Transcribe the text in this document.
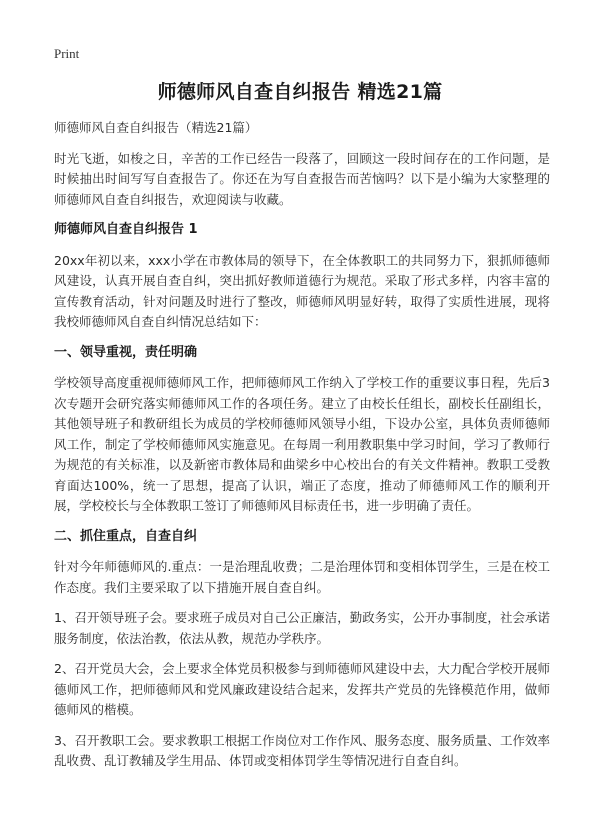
Print
师德师风自查自纠报告 精选21篇

师德师风自查自纠报告（精选21篇）

时光飞逝，如梭之日，辛苦的工作已经告一段落了，回顾这一段时间存在的工作问题，是时候抽出时间写写自查报告了。你还在为写自查报告而苦恼吗？以下是小编为大家整理的师德师风自查自纠报告，欢迎阅读与收藏。

师德师风自查自纠报告 1

20xx年初以来，xxx小学在市教体局的领导下，在全体教职工的共同努力下，狠抓师德师风建设，认真开展自查自纠，突出抓好教师道德行为规范。采取了形式多样，内容丰富的宣传教育活动，针对问题及时进行了整改，师德师风明显好转，取得了实质性进展，现将我校师德师风自查自纠情况总结如下：

一、领导重视，责任明确

学校领导高度重视师德师风工作，把师德师风工作纳入了学校工作的重要议事日程，先后3次专题开会研究落实师德师风工作的各项任务。建立了由校长任组长，副校长任副组长，其他领导班子和教研组长为成员的学校师德师风领导小组，下设办公室，具体负责师德师风工作，制定了学校师德师风实施意见。在每周一利用教职集中学习时间，学习了教师行为规范的有关标准，以及新密市教体局和曲梁乡中心校出台的有关文件精神。教职工受教育面达100%，统一了思想，提高了认识，端正了态度，推动了师德师风工作的顺利开展，学校校长与全体教职工签订了师德师风目标责任书，进一步明确了责任。

二、抓住重点，自查自纠

针对今年师德师风的.重点：一是治理乱收费；二是治理体罚和变相体罚学生，三是在校工作态度。我们主要采取了以下措施开展自查自纠。

1、召开领导班子会。要求班子成员对自己公正廉洁，勤政务实，公开办事制度，社会承诺服务制度，依法治教，依法从教，规范办学秩序。

2、召开党员大会，会上要求全体党员积极参与到师德师风建设中去，大力配合学校开展师德师风工作，把师德师风和党风廉政建设结合起来，发挥共产党员的先锋模范作用，做师德师风的楷模。

3、召开教职工会。要求教职工根据工作岗位对工作作风、服务态度、服务质量、工作效率乱收费、乱订教辅及学生用品、体罚或变相体罚学生等情况进行自查自纠。
